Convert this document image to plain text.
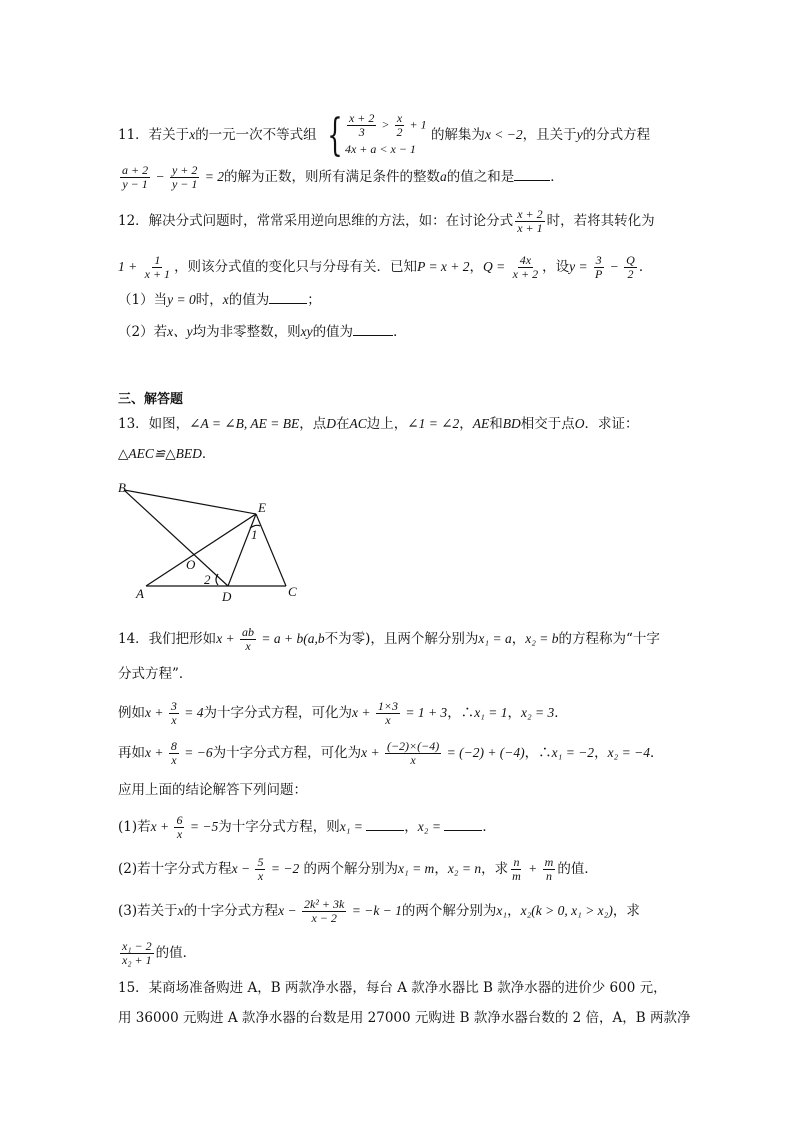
11．若关于x的一元一次不等式组 { $\frac{x + 2}{3} > \frac{x}{2} + 1$
4x + a < x − 1
的解集为x < −2，且关于y的分式方程
$\frac{a + 2}{y - 1} - \frac{y + 2}{y - 1} = 2$的解为正数，则所有满足条件的整数a的值之和是	．
12．解决分式问题时，常常采用逆向思维的方法，如：在讨论分式 $\frac{x + 2}{x + 1}$ 时，若将其转化为
$1 + \frac{1}{x + 1}$ ，则该分式值的变化只与分母有关．已知P = x + 2，$Q = \frac{4x}{x + 2}$ ，设$y = \frac{3}{P} - \frac{Q}{2}$ ．
（1）当y = 0时，x的值为	；
（2）若x、y均为非零整数，则xy的值为	．
三、解答题
13．如图，∠A = ∠B, AE = BE，点D在AC边上，∠1 = ∠2，AE和BD相交于点O．求证：
△AEC≌△BED．
B
E
O
A	D	C
1
2
14．我们把形如$x + \frac{ab}{x} = a + b(a,b$不为零)，且两个解分别为x₁ = a，x₂ = b的方程称为“十字
分式方程”．
例如$x + \frac{3}{x} = 4$为十字分式方程，可化为$x + \frac{1\times 3}{x} = 1 + 3$，∴x₁ = 1，x₂ = 3．
再如$x + \frac{8}{x} = -6$为十字分式方程，可化为$x + \frac{(-2)\times(-4)}{x} = (-2) + (-4)$，∴x₁ = −2，x₂ = −4．
应用上面的结论解答下列问题：
(1)若$x + \frac{6}{x} = -5$为十字分式方程，则x₁ =	，x₂ =	．
(2)若十字分式方程$x - \frac{5}{x} = -2$ 的两个解分别为x₁ = m，x₂ = n，求 $\frac{n}{m} + \frac{m}{n}$ 的值．
(3)若关于x的十字分式方程$x - \frac{\text{2k² + 3k}}{x - 2} = -k - 1$的两个解分别为x₁，x₂(k > 0, x₁ > x₂)，求
$\frac{\text{x₁ − 2}}{\text{x₂ + 1}}$ 的值．
15．某商场准备购进 A，B 两款净水器，每台 A 款净水器比 B 款净水器的进价少 600 元，
用 36000 元购进 A 款净水器的台数是用 27000 元购进 B 款净水器台数的 2 倍，A，B 两款净
